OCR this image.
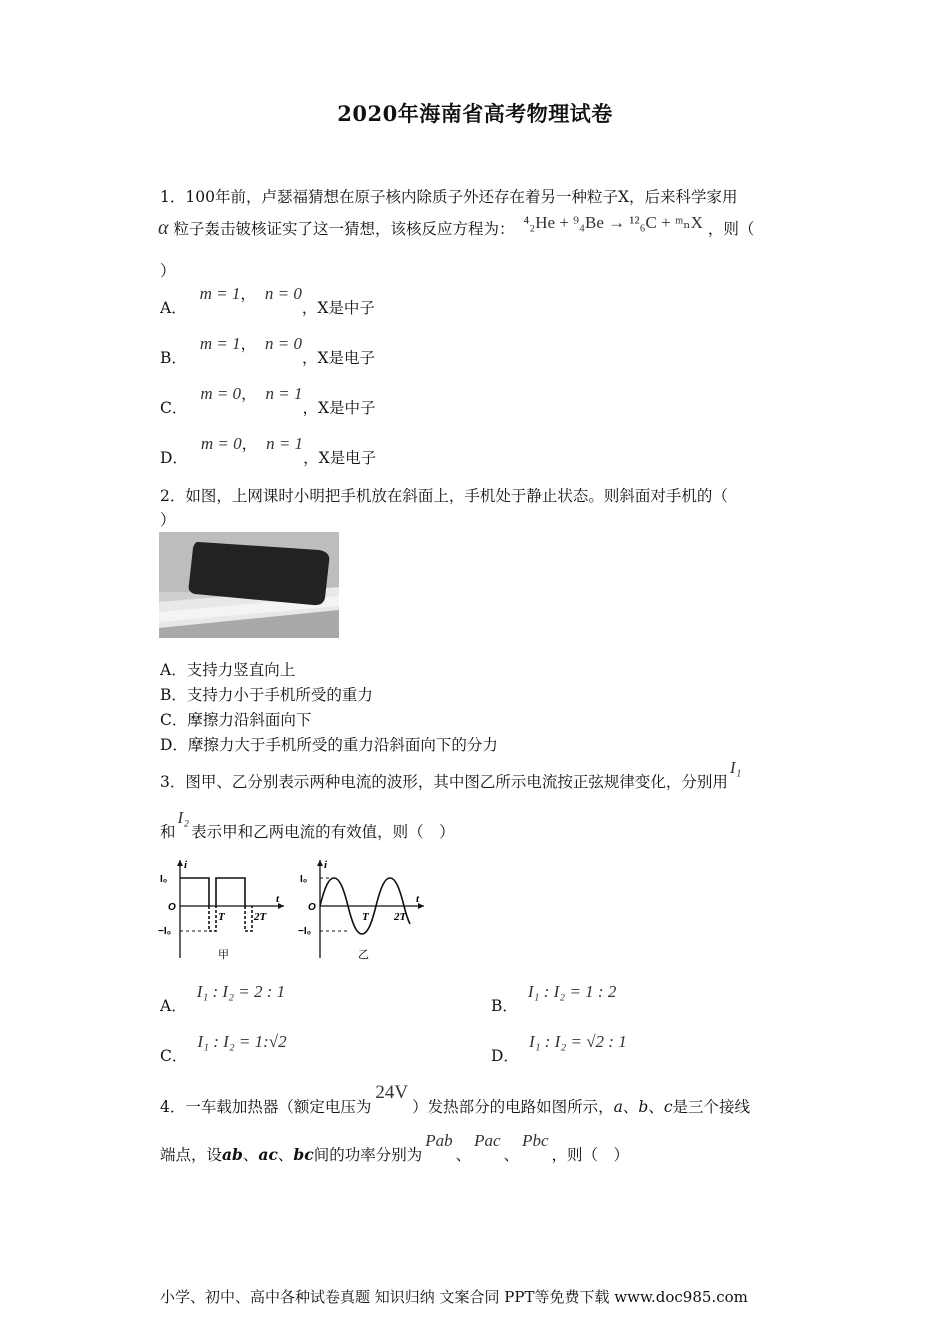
2020年海南省高考物理试卷
1．100年前，卢瑟福猜想在原子核内除质子外还存在着另一种粒子X，后来科学家用
α 粒子轰击铍核证实了这一猜想，该核反应方程为： ⁴₂He + ⁹₄Be → ¹²₆C + ᵐₙX ，则（
）
A． m = 1， n = 0，X是中子
B． m = 1， n = 0，X是电子
C． m = 0， n = 1，X是中子
D． m = 0， n = 1，X是电子
2．如图，上网课时小明把手机放在斜面上，手机处于静止状态。则斜面对手机的（
）
A．支持力竖直向上
B．支持力小于手机所受的重力
C．摩擦力沿斜面向下
D．摩擦力大于手机所受的重力沿斜面向下的分力
3．图甲、乙分别表示两种电流的波形，其中图乙所示电流按正弦规律变化，分别用I₁
和I₂表示甲和乙两电流的有效值，则（　）
i
I₀
O
−I₀
T	2T
t
甲
i
I₀
O
−I₀
T 2T
t
乙
A．I₁ : I₂ = 2 : 1
B．I₁ : I₂ = 1 : 2
C．I₁ : I₂ = 1:√2
D．I₁ : I₂ = √2 : 1
4．一车载加热器（额定电压为24V）发热部分的电路如图所示，a、b、c是三个接线
端点，设ab、ac、bc间的功率分别为Pab、Pac、Pbc，则（　）
小学、初中、高中各种试卷真题 知识归纳 文案合同 PPT等免费下载 www.doc985.com
